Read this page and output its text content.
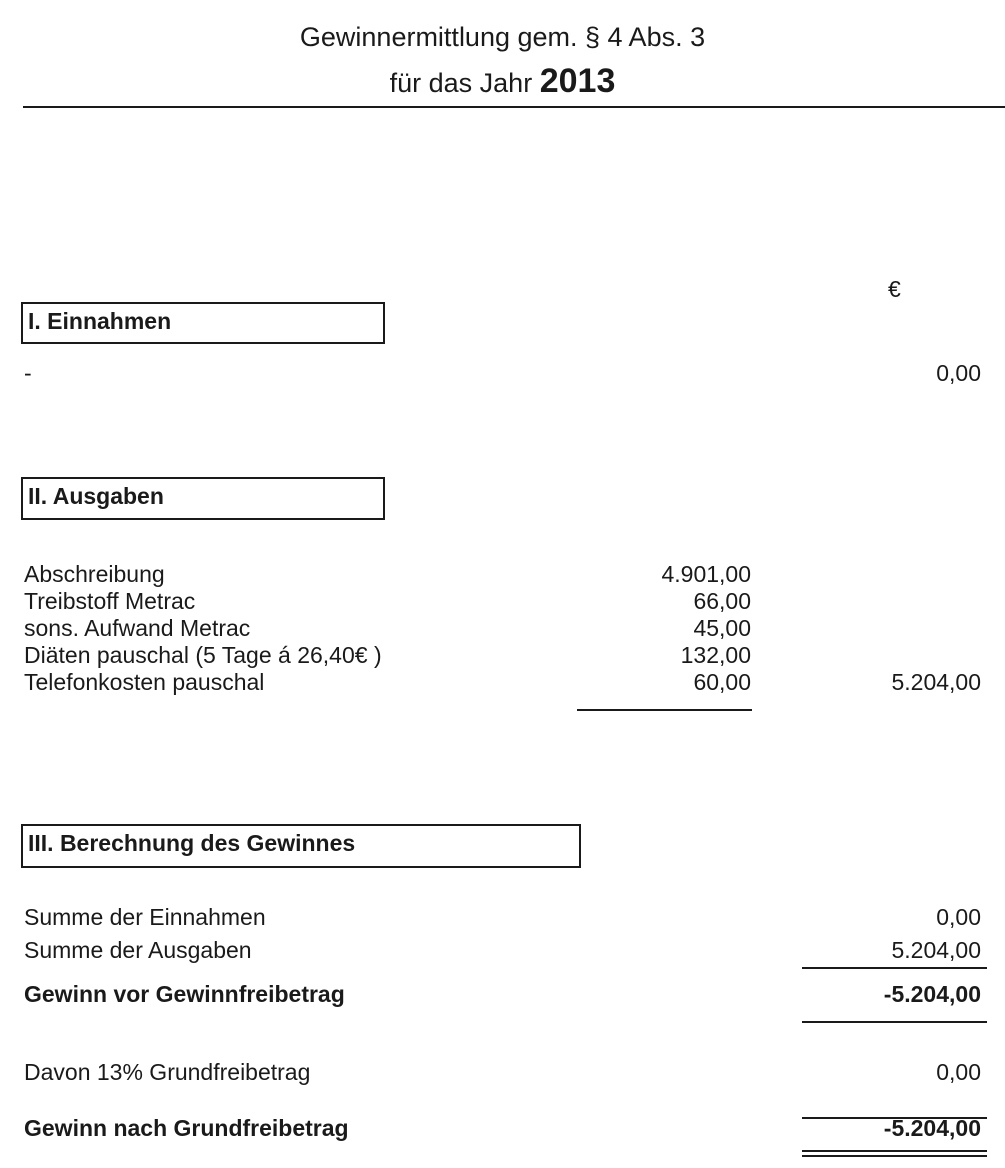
Gewinnermittlung gem. § 4 Abs. 3
für das Jahr 2013
€
I. Einnahmen
-	0,00
II. Ausgaben
Abschreibung	4.901,00
Treibstoff Metrac	66,00
sons. Aufwand Metrac	45,00
Diäten pauschal (5 Tage á 26,40€ )	132,00
Telefonkosten pauschal	60,00	5.204,00
III. Berechnung des Gewinnes
Summe der Einnahmen	0,00
Summe der Ausgaben	5.204,00
Gewinn vor Gewinnfreibetrag	-5.204,00
Davon 13% Grundfreibetrag	0,00
Gewinn nach Grundfreibetrag	-5.204,00
